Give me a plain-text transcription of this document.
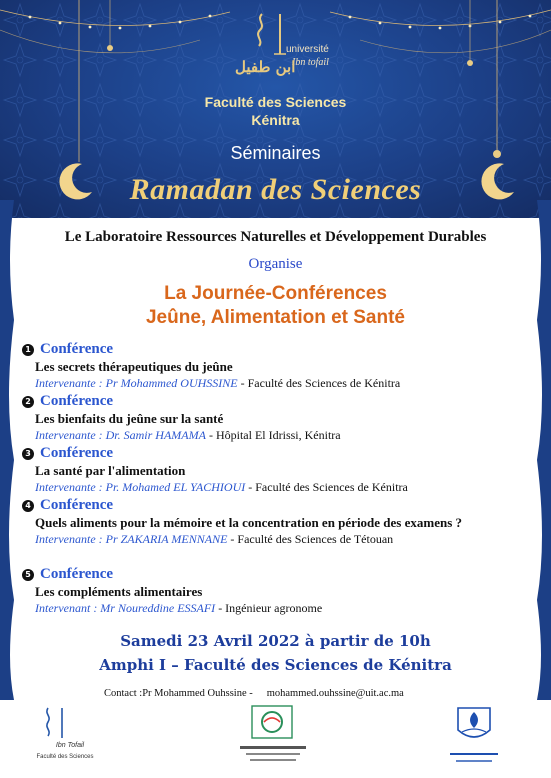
université
Ibn tofail
ابن طفيل
Faculté des Sciences
Kénitra
Séminaires
Ramadan des Sciences
Le Laboratoire Ressources Naturelles et Développement Durables
Organise
La Journée-Conférences
Jeûne, Alimentation et Santé
1 Conférence
Les secrets thérapeutiques du jeûne
Intervenante : Pr Mohammed OUHSSINE - Faculté des Sciences de Kénitra
2 Conférence
Les bienfaits du jeûne sur la santé
Intervenante : Dr. Samir HAMAMA - Hôpital El Idrissi, Kénitra
3 Conférence
La santé par l'alimentation
Intervenante : Pr. Mohamed EL YACHIOUI - Faculté des Sciences de Kénitra
4 Conférence
Quels aliments pour la mémoire et la concentration en période des examens ?
Intervenante : Pr ZAKARIA MENNANE - Faculté des Sciences de Tétouan
5 Conférence
Les compléments alimentaires
Intervenant : Mr Noureddine ESSAFI - Ingénieur agronome
Samedi 23 Avril 2022 à partir de 10h
Amphi I – Faculté des Sciences de Kénitra
Contact :Pr Mohammed Ouhssine - mohammed.ouhssine@uit.ac.ma
Ibn Tofail
Faculté des Sciences
